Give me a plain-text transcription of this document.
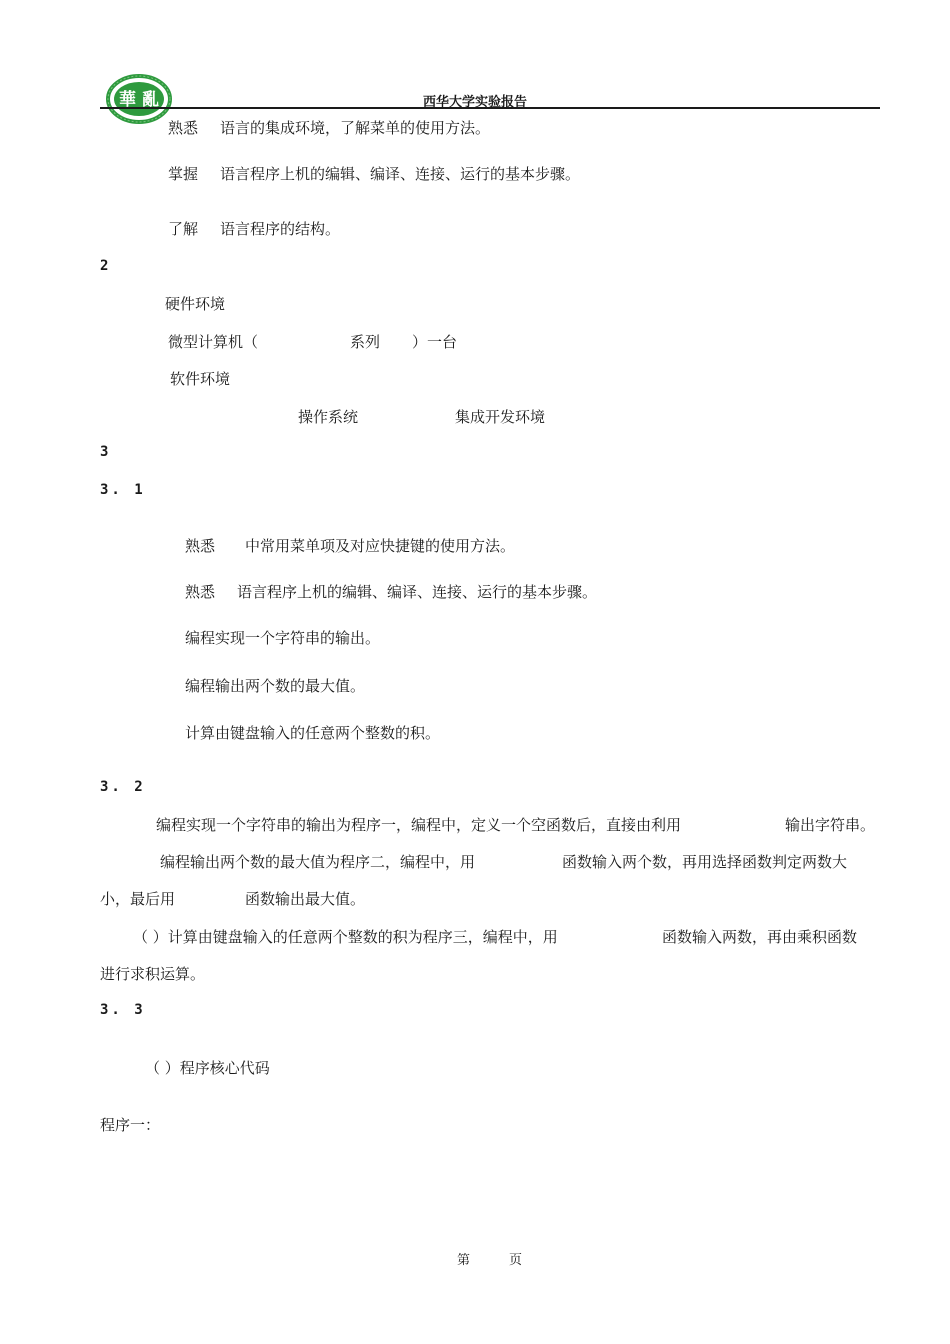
華 亂	西华大学实验报告
熟悉 语言的集成环境，了解菜单的使用方法。
掌握 语言程序上机的编辑、编译、连接、运行的基本步骤。
了解 语言程序的结构。
2
硬件环境
微型计算机（	系列 ）一台
软件环境
操作系统	集成开发环境
3
3. 1
熟悉 中常用菜单项及对应快捷键的使用方法。
熟悉 语言程序上机的编辑、编译、连接、运行的基本步骤。
编程实现一个字符串的输出。
编程输出两个数的最大值。
计算由键盘输入的任意两个整数的积。
3. 2
编程实现一个字符串的输出为程序一，编程中，定义一个空函数后，直接由利用	输出字符串。
编程输出两个数的最大值为程序二，编程中，用	函数输入两个数，再用选择函数判定两数大
小，最后用	函数输出最大值。
（ ）计算由键盘输入的任意两个整数的积为程序三，编程中，用	函数输入两数，再由乘积函数
进行求积运算。
3. 3
（ ）程序核心代码
程序一：
第	页
